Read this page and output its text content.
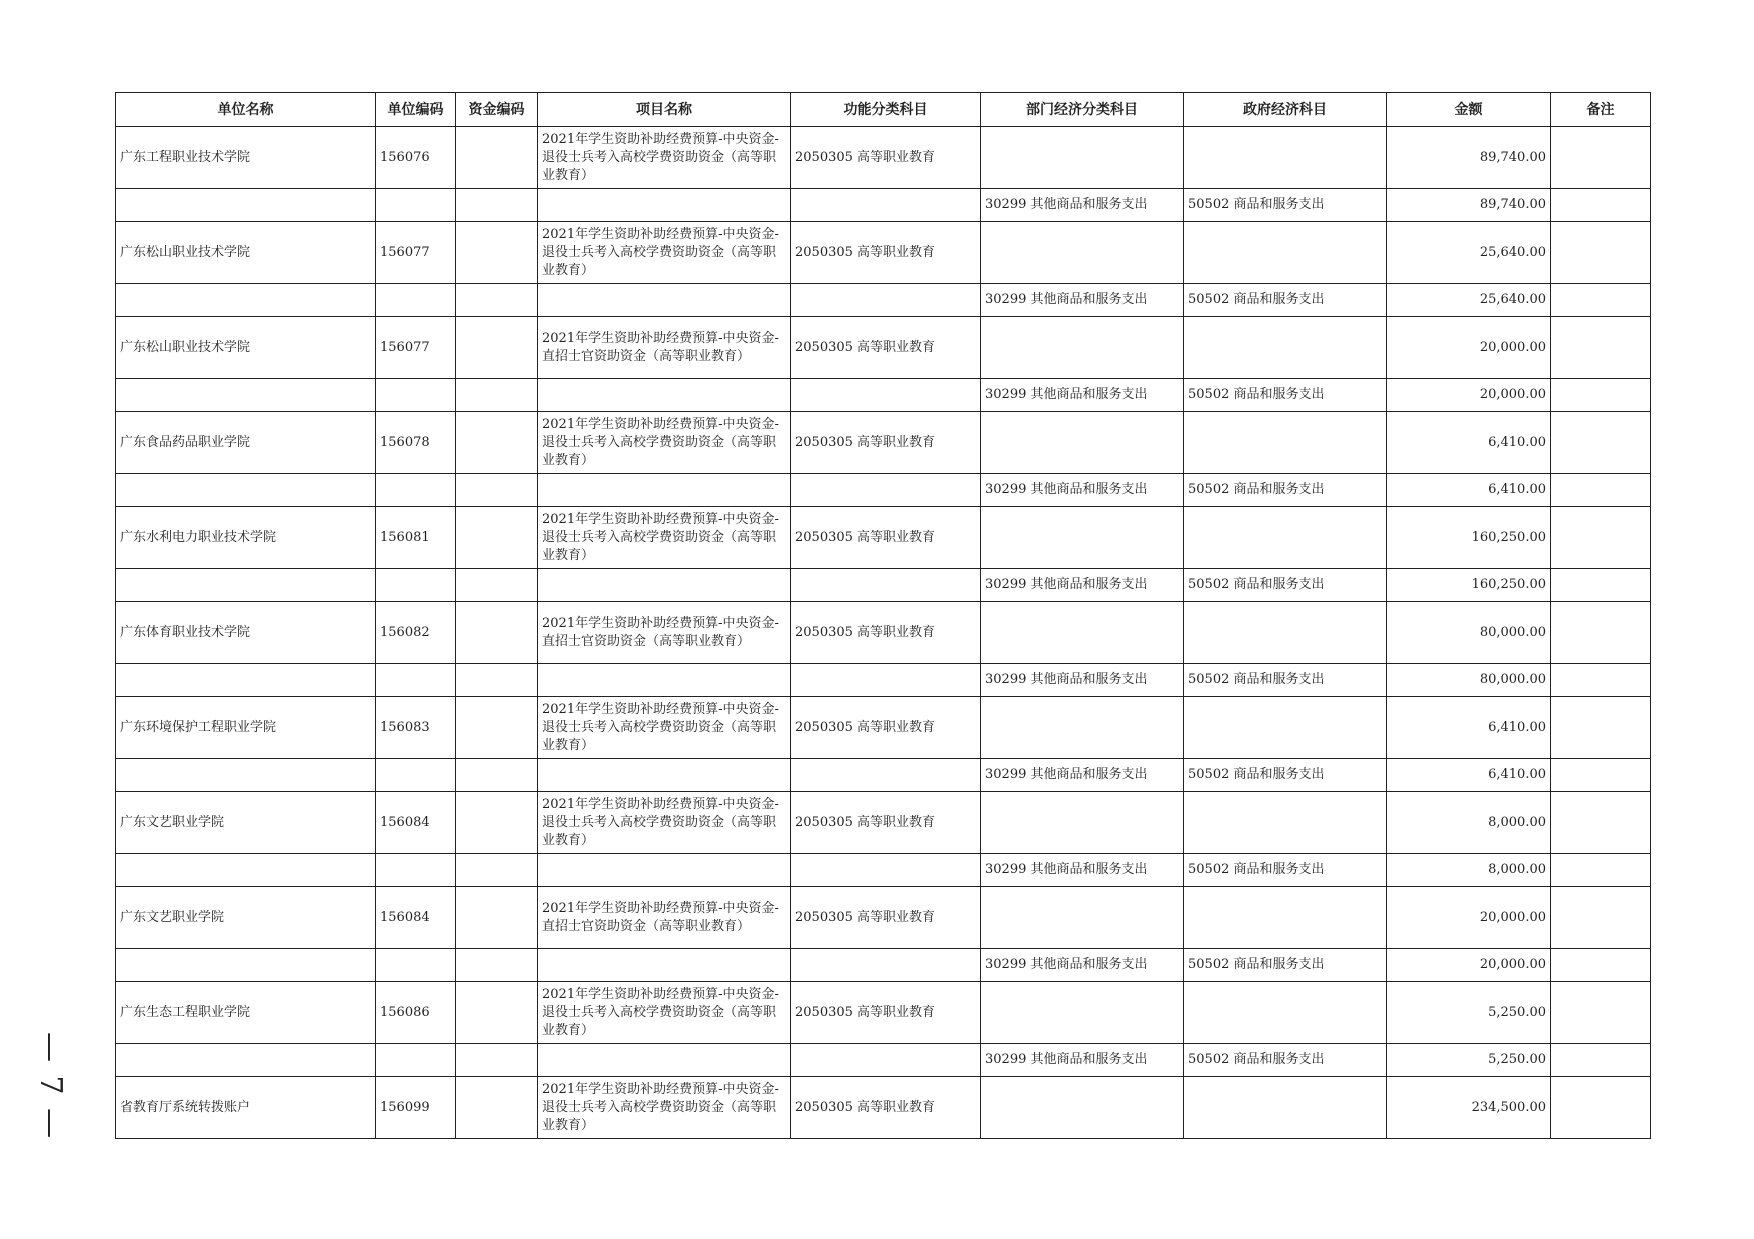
— 7 —
单位名称	单位编码	资金编码	项目名称	功能分类科目	部门经济分类科目	政府经济科目	金额	备注
广东工程职业技术学院	156076		2021年学生资助补助经费预算-中央资金-退役士兵考入高校学费资助资金（高等职业教育）	2050305 高等职业教育			89,740.00	
					30299 其他商品和服务支出	50502 商品和服务支出	89,740.00	
广东松山职业技术学院	156077		2021年学生资助补助经费预算-中央资金-退役士兵考入高校学费资助资金（高等职业教育）	2050305 高等职业教育			25,640.00	
					30299 其他商品和服务支出	50502 商品和服务支出	25,640.00	
广东松山职业技术学院	156077		2021年学生资助补助经费预算-中央资金-直招士官资助资金（高等职业教育）	2050305 高等职业教育			20,000.00	
					30299 其他商品和服务支出	50502 商品和服务支出	20,000.00	
广东食品药品职业学院	156078		2021年学生资助补助经费预算-中央资金-退役士兵考入高校学费资助资金（高等职业教育）	2050305 高等职业教育			6,410.00	
					30299 其他商品和服务支出	50502 商品和服务支出	6,410.00	
广东水利电力职业技术学院	156081		2021年学生资助补助经费预算-中央资金-退役士兵考入高校学费资助资金（高等职业教育）	2050305 高等职业教育			160,250.00	
					30299 其他商品和服务支出	50502 商品和服务支出	160,250.00	
广东体育职业技术学院	156082		2021年学生资助补助经费预算-中央资金-直招士官资助资金（高等职业教育）	2050305 高等职业教育			80,000.00	
					30299 其他商品和服务支出	50502 商品和服务支出	80,000.00	
广东环境保护工程职业学院	156083		2021年学生资助补助经费预算-中央资金-退役士兵考入高校学费资助资金（高等职业教育）	2050305 高等职业教育			6,410.00	
					30299 其他商品和服务支出	50502 商品和服务支出	6,410.00	
广东文艺职业学院	156084		2021年学生资助补助经费预算-中央资金-退役士兵考入高校学费资助资金（高等职业教育）	2050305 高等职业教育			8,000.00	
					30299 其他商品和服务支出	50502 商品和服务支出	8,000.00	
广东文艺职业学院	156084		2021年学生资助补助经费预算-中央资金-直招士官资助资金（高等职业教育）	2050305 高等职业教育			20,000.00	
					30299 其他商品和服务支出	50502 商品和服务支出	20,000.00	
广东生态工程职业学院	156086		2021年学生资助补助经费预算-中央资金-退役士兵考入高校学费资助资金（高等职业教育）	2050305 高等职业教育			5,250.00	
					30299 其他商品和服务支出	50502 商品和服务支出	5,250.00	
省教育厅系统转拨账户	156099		2021年学生资助补助经费预算-中央资金-退役士兵考入高校学费资助资金（高等职业教育）	2050305 高等职业教育			234,500.00	
